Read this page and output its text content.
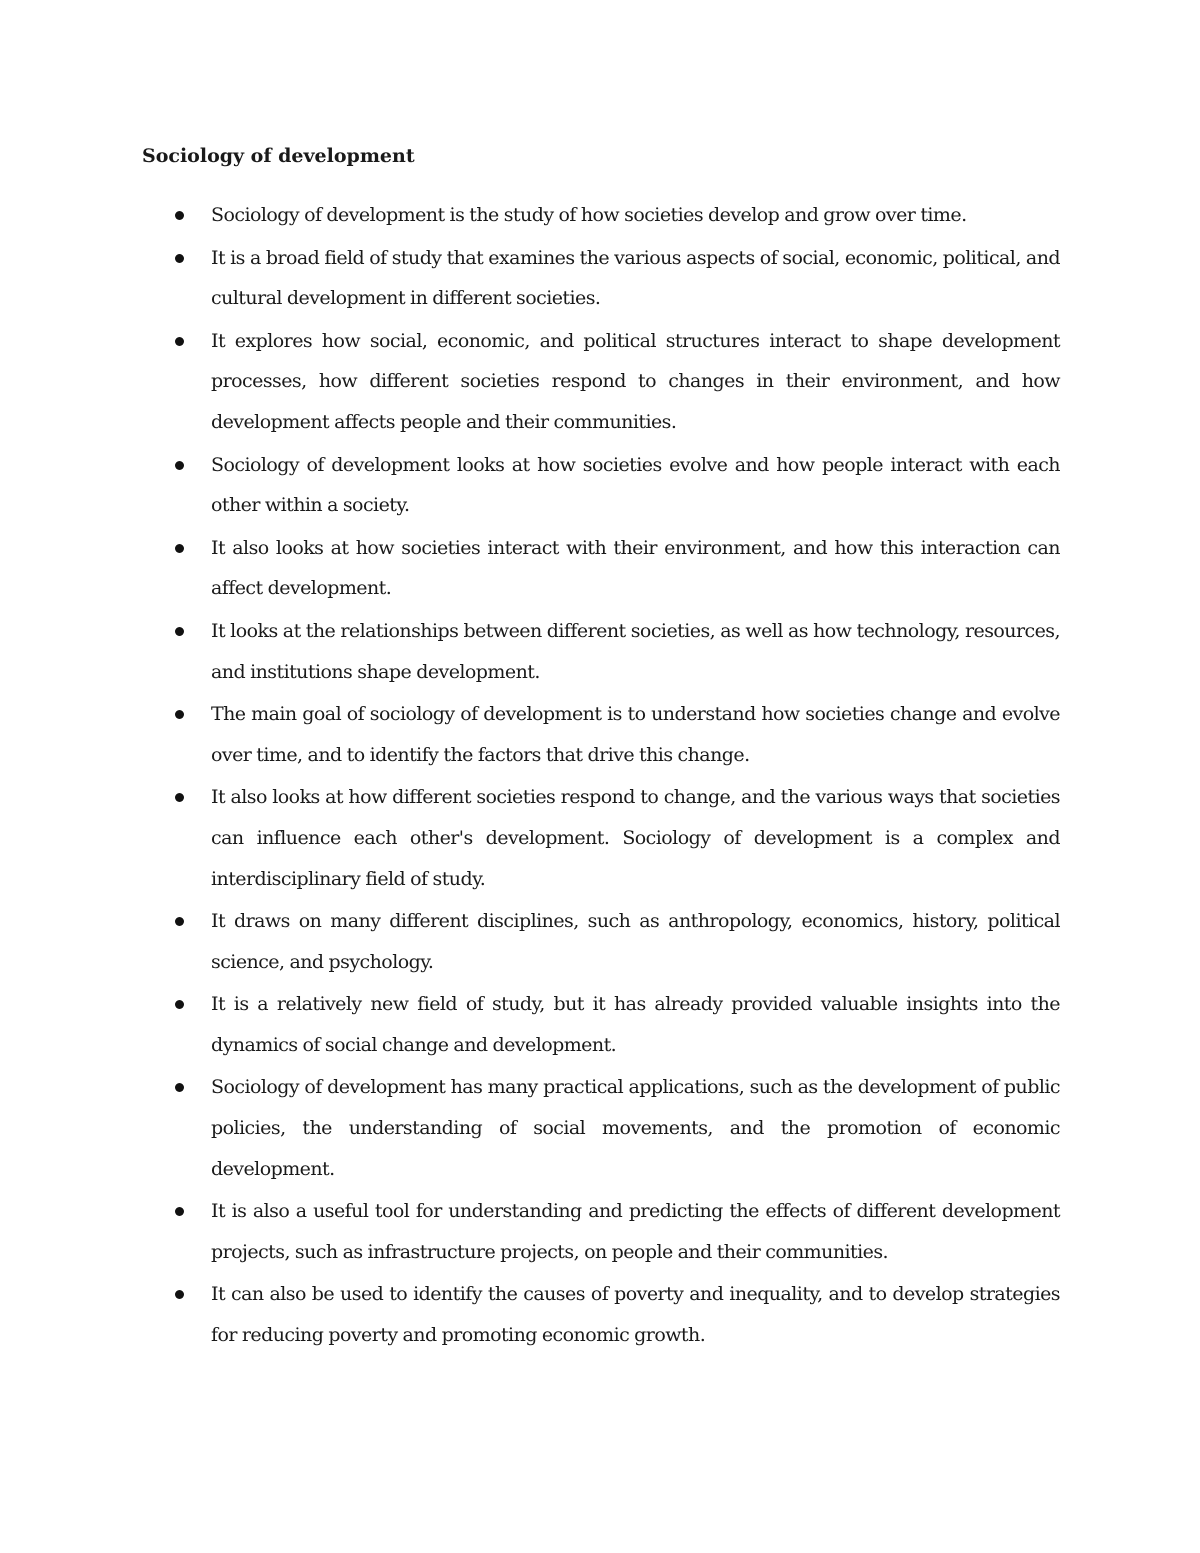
Sociology of development
Sociology of development is the study of how societies develop and grow over time.
It is a broad field of study that examines the various aspects of social, economic, political, and cultural development in different societies.
It explores how social, economic, and political structures interact to shape development processes, how different societies respond to changes in their environment, and how development affects people and their communities.
Sociology of development looks at how societies evolve and how people interact with each other within a society.
It also looks at how societies interact with their environment, and how this interaction can affect development.
It looks at the relationships between different societies, as well as how technology, resources, and institutions shape development.
The main goal of sociology of development is to understand how societies change and evolve over time, and to identify the factors that drive this change.
It also looks at how different societies respond to change, and the various ways that societies can influence each other's development. Sociology of development is a complex and interdisciplinary field of study.
It draws on many different disciplines, such as anthropology, economics, history, political science, and psychology.
It is a relatively new field of study, but it has already provided valuable insights into the dynamics of social change and development.
Sociology of development has many practical applications, such as the development of public policies, the understanding of social movements, and the promotion of economic development.
It is also a useful tool for understanding and predicting the effects of different development projects, such as infrastructure projects, on people and their communities.
It can also be used to identify the causes of poverty and inequality, and to develop strategies for reducing poverty and promoting economic growth.
